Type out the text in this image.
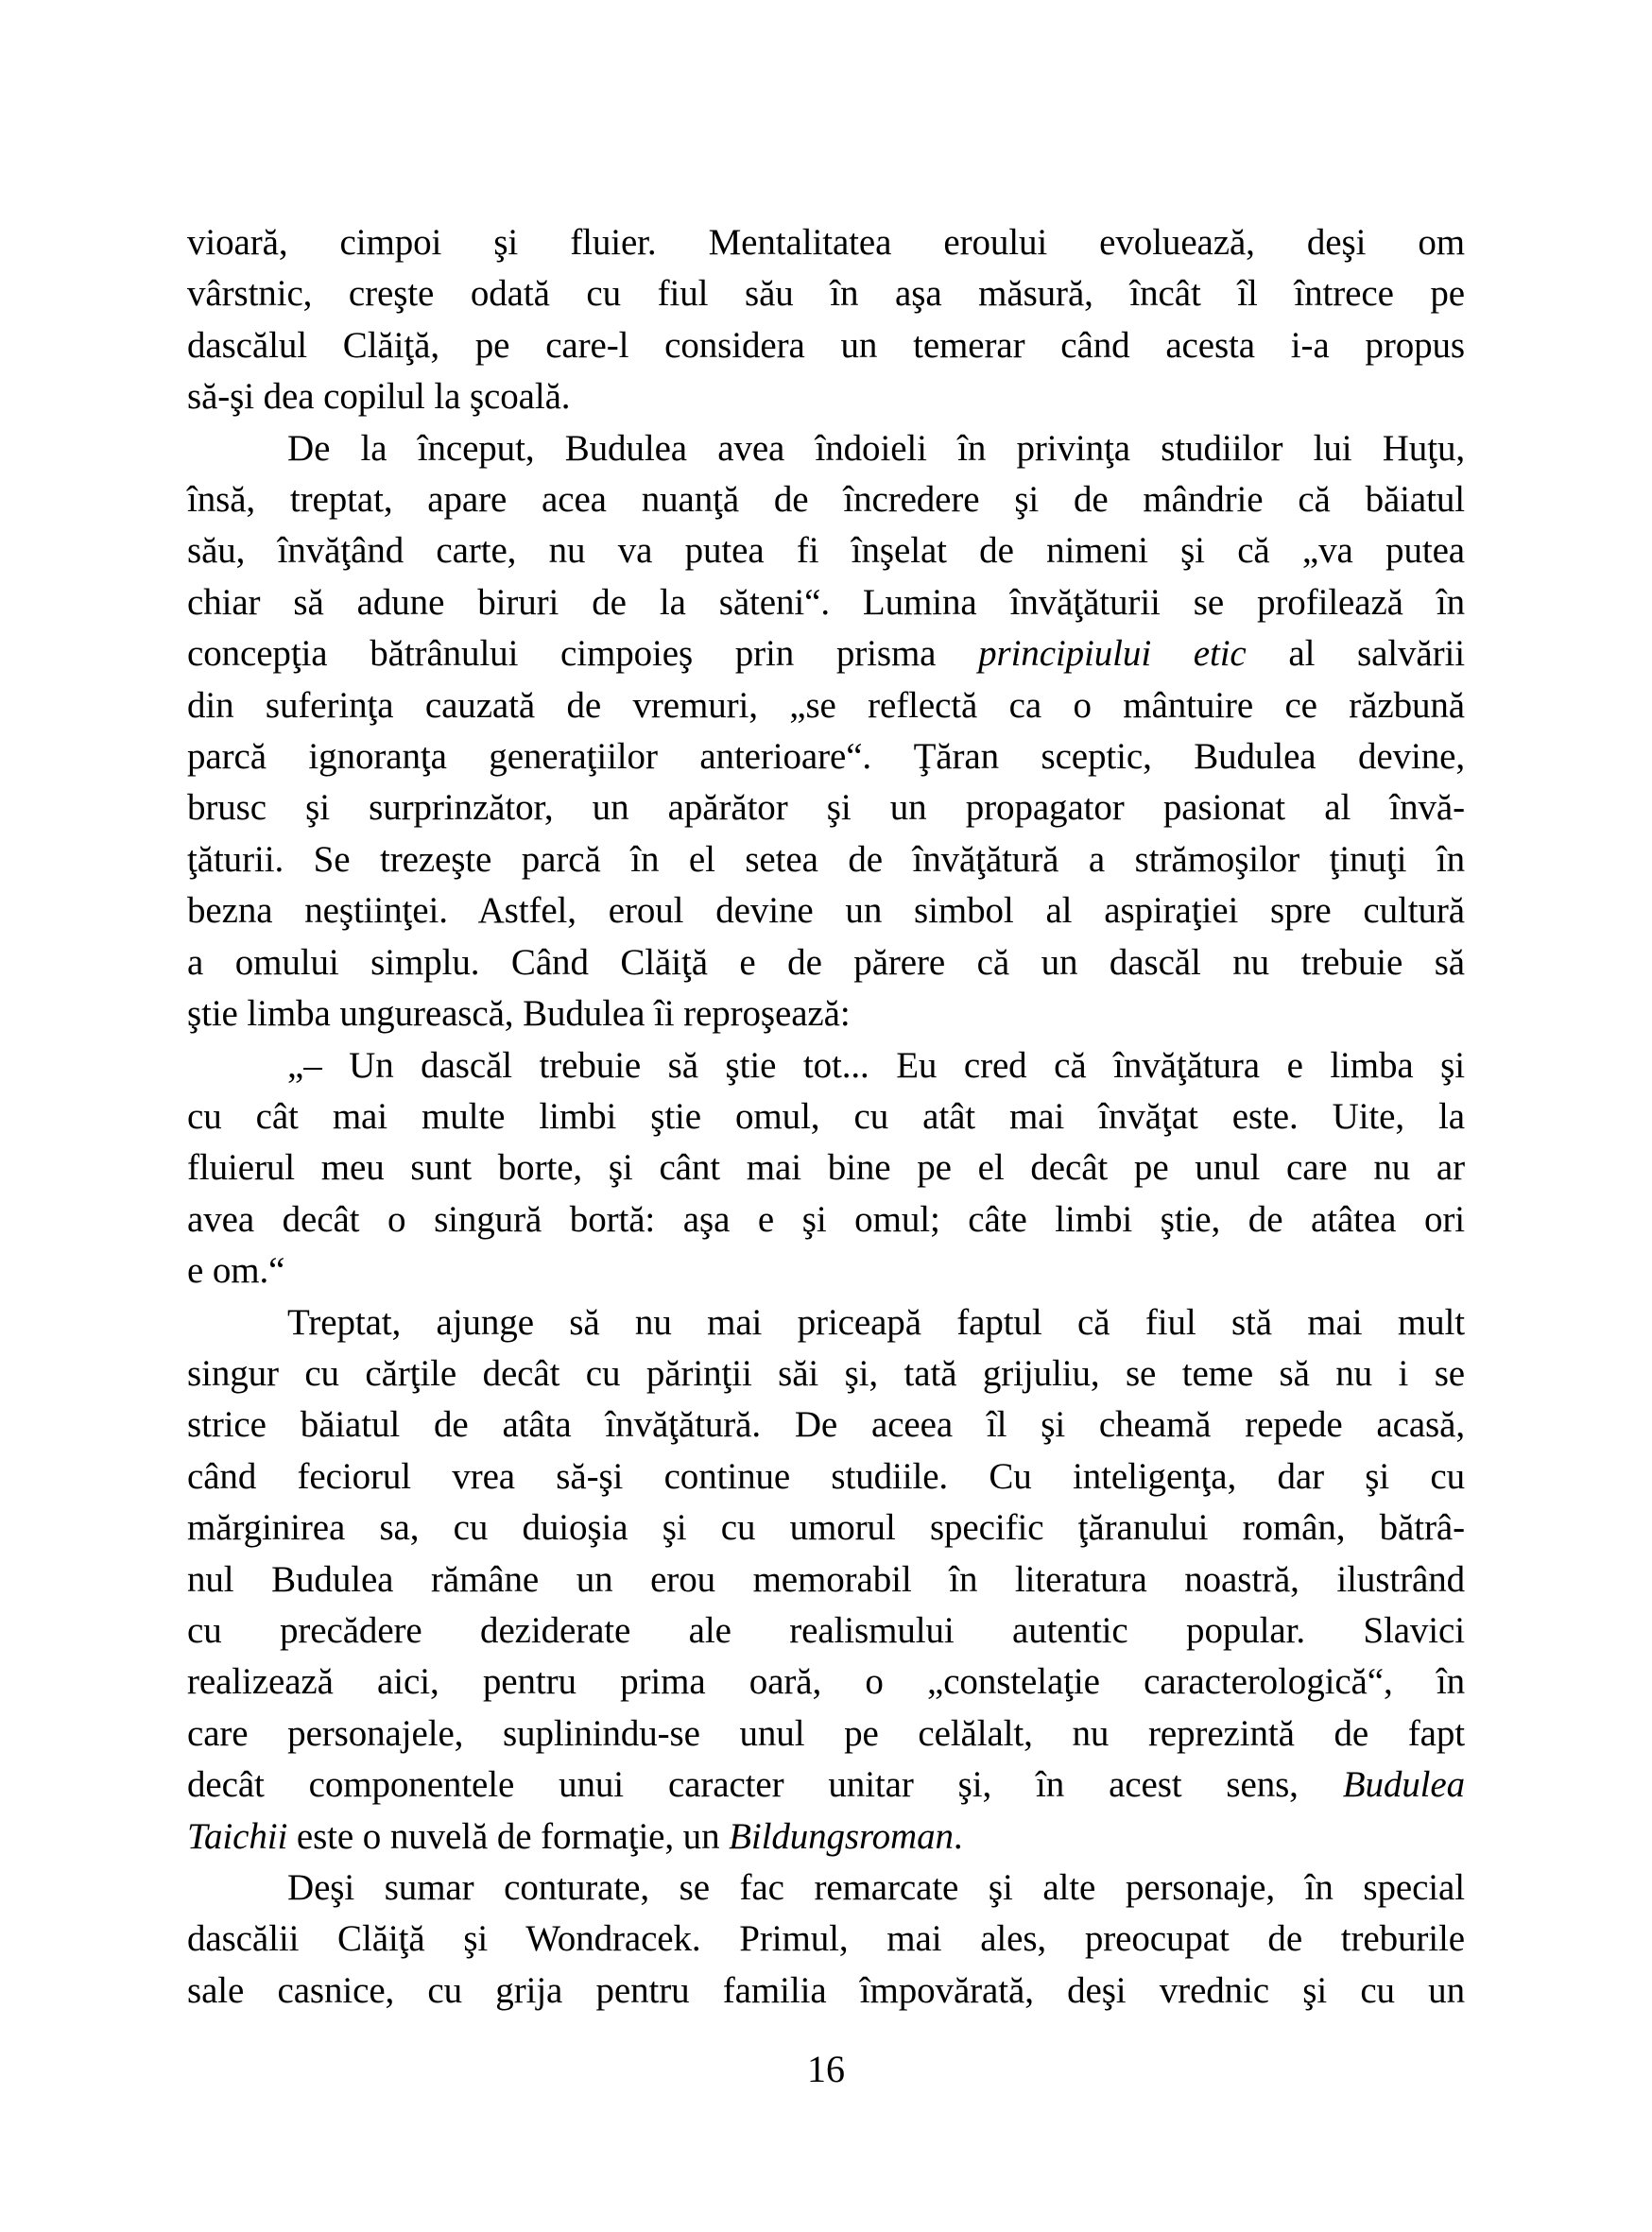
vioară, cimpoi şi fluier. Mentalitatea eroului evoluează, deşi om
vârstnic, creşte odată cu fiul său în aşa măsură, încât îl întrece pe
dascălul Clăiţă, pe care-l considera un temerar când acesta i-a propus
să-şi dea copilul la şcoală.
De la început, Budulea avea îndoieli în privinţa studiilor lui Huţu,
însă, treptat, apare acea nuanţă de încredere şi de mândrie că băiatul
său, învăţând carte, nu va putea fi înşelat de nimeni şi că „va putea
chiar să adune biruri de la săteni“. Lumina învăţăturii se profilează în
concepţia bătrânului cimpoieş prin prisma principiului etic al salvării
din suferinţa cauzată de vremuri, „se reflectă ca o mântuire ce răzbună
parcă ignoranţa generaţiilor anterioare“. Ţăran sceptic, Budulea devine,
brusc şi surprinzător, un apărător şi un propagator pasionat al învă-
ţăturii. Se trezeşte parcă în el setea de învăţătură a strămoşilor ţinuţi în
bezna neştiinţei. Astfel, eroul devine un simbol al aspiraţiei spre cultură
a omului simplu. Când Clăiţă e de părere că un dascăl nu trebuie să
ştie limba ungurească, Budulea îi reproşează:
„– Un dascăl trebuie să ştie tot... Eu cred că învăţătura e limba şi
cu cât mai multe limbi ştie omul, cu atât mai învăţat este. Uite, la
fluierul meu sunt borte, şi cânt mai bine pe el decât pe unul care nu ar
avea decât o singură bortă: aşa e şi omul; câte limbi ştie, de atâtea ori
e om.“
Treptat, ajunge să nu mai priceapă faptul că fiul stă mai mult
singur cu cărţile decât cu părinţii săi şi, tată grijuliu, se teme să nu i se
strice băiatul de atâta învăţătură. De aceea îl şi cheamă repede acasă,
când feciorul vrea să-şi continue studiile. Cu inteligenţa, dar şi cu
mărginirea sa, cu duioşia şi cu umorul specific ţăranului român, bătrâ-
nul Budulea rămâne un erou memorabil în literatura noastră, ilustrând
cu precădere deziderate ale realismului autentic popular. Slavici
realizează aici, pentru prima oară, o „constelaţie caracterologică“, în
care personajele, suplinindu-se unul pe celălalt, nu reprezintă de fapt
decât componentele unui caracter unitar şi, în acest sens, Budulea
Taichii este o nuvelă de formaţie, un Bildungsroman.
Deşi sumar conturate, se fac remarcate şi alte personaje, în special
dascălii Clăiţă şi Wondracek. Primul, mai ales, preocupat de treburile
sale casnice, cu grija pentru familia împovărată, deşi vrednic şi cu un
16
